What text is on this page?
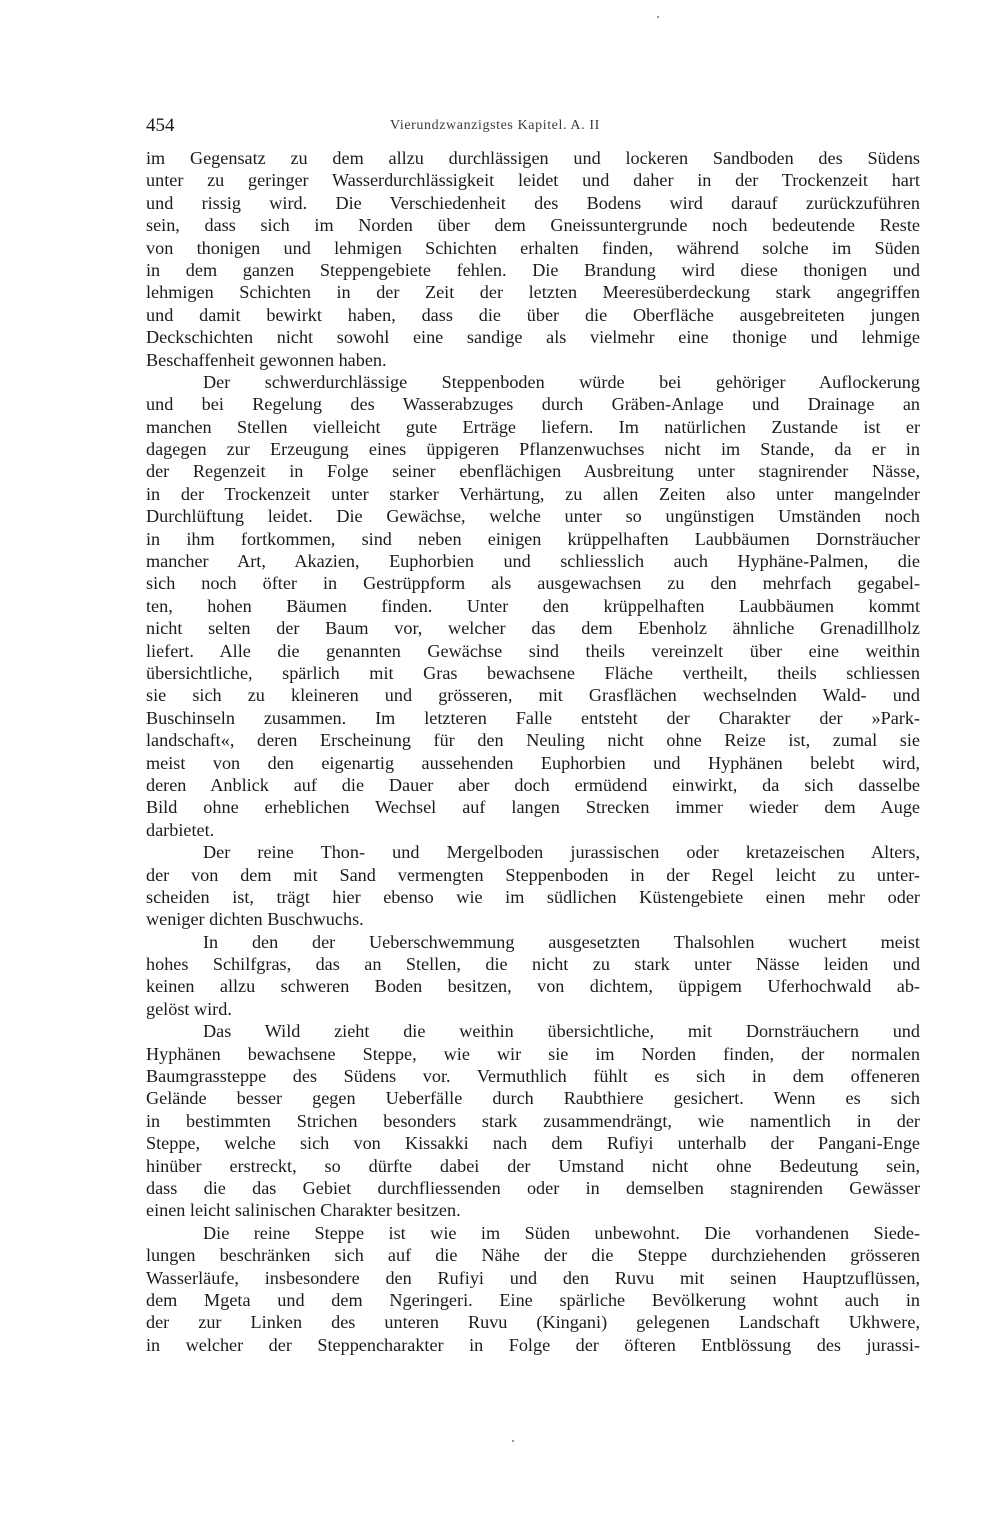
454	Vierundzwanzigstes Kapitel. A. II
im Gegensatz zu dem allzu durchlässigen und lockeren Sandboden des Südens
unter zu geringer Wasserdurchlässigkeit leidet und daher in der Trockenzeit hart
und rissig wird. Die Verschiedenheit des Bodens wird darauf zurückzuführen
sein, dass sich im Norden über dem Gneissuntergrunde noch bedeutende Reste
von thonigen und lehmigen Schichten erhalten finden, während solche im Süden
in dem ganzen Steppengebiete fehlen. Die Brandung wird diese thonigen und
lehmigen Schichten in der Zeit der letzten Meeresüberdeckung stark angegriffen
und damit bewirkt haben, dass die über die Oberfläche ausgebreiteten jungen
Deckschichten nicht sowohl eine sandige als vielmehr eine thonige und lehmige
Beschaffenheit gewonnen haben.
Der schwerdurchlässige Steppenboden würde bei gehöriger Auflockerung
und bei Regelung des Wasserabzuges durch Gräben-Anlage und Drainage an
manchen Stellen vielleicht gute Erträge liefern. Im natürlichen Zustande ist er
dagegen zur Erzeugung eines üppigeren Pflanzenwuchses nicht im Stande, da er in
der Regenzeit in Folge seiner ebenflächigen Ausbreitung unter stagnirender Nässe,
in der Trockenzeit unter starker Verhärtung, zu allen Zeiten also unter mangelnder
Durchlüftung leidet. Die Gewächse, welche unter so ungünstigen Umständen noch
in ihm fortkommen, sind neben einigen krüppelhaften Laubbäumen Dornsträucher
mancher Art, Akazien, Euphorbien und schliesslich auch Hyphäne-Palmen, die
sich noch öfter in Gestrüppform als ausgewachsen zu den mehrfach gegabel-
ten, hohen Bäumen finden. Unter den krüppelhaften Laubbäumen kommt
nicht selten der Baum vor, welcher das dem Ebenholz ähnliche Grenadillholz
liefert. Alle die genannten Gewächse sind theils vereinzelt über eine weithin
übersichtliche, spärlich mit Gras bewachsene Fläche vertheilt, theils schliessen
sie sich zu kleineren und grösseren, mit Grasflächen wechselnden Wald- und
Buschinseln zusammen. Im letzteren Falle entsteht der Charakter der »Park-
landschaft«, deren Erscheinung für den Neuling nicht ohne Reize ist, zumal sie
meist von den eigenartig aussehenden Euphorbien und Hyphänen belebt wird,
deren Anblick auf die Dauer aber doch ermüdend einwirkt, da sich dasselbe
Bild ohne erheblichen Wechsel auf langen Strecken immer wieder dem Auge
darbietet.
Der reine Thon- und Mergelboden jurassischen oder kretazeischen Alters,
der von dem mit Sand vermengten Steppenboden in der Regel leicht zu unter-
scheiden ist, trägt hier ebenso wie im südlichen Küstengebiete einen mehr oder
weniger dichten Buschwuchs.
In den der Ueberschwemmung ausgesetzten Thalsohlen wuchert meist
hohes Schilfgras, das an Stellen, die nicht zu stark unter Nässe leiden und
keinen allzu schweren Boden besitzen, von dichtem, üppigem Uferhochwald ab-
gelöst wird.
Das Wild zieht die weithin übersichtliche, mit Dornsträuchern und
Hyphänen bewachsene Steppe, wie wir sie im Norden finden, der normalen
Baumgrassteppe des Südens vor. Vermuthlich fühlt es sich in dem offeneren
Gelände besser gegen Ueberfälle durch Raubthiere gesichert. Wenn es sich
in bestimmten Strichen besonders stark zusammendrängt, wie namentlich in der
Steppe, welche sich von Kissakki nach dem Rufiyi unterhalb der Pangani-Enge
hinüber erstreckt, so dürfte dabei der Umstand nicht ohne Bedeutung sein,
dass die das Gebiet durchfliessenden oder in demselben stagnirenden Gewässer
einen leicht salinischen Charakter besitzen.
Die reine Steppe ist wie im Süden unbewohnt. Die vorhandenen Siede-
lungen beschränken sich auf die Nähe der die Steppe durchziehenden grösseren
Wasserläufe, insbesondere den Rufiyi und den Ruvu mit seinen Hauptzuflüssen,
dem Mgeta und dem Ngeringeri. Eine spärliche Bevölkerung wohnt auch in
der zur Linken des unteren Ruvu (Kingani) gelegenen Landschaft Ukhwere,
in welcher der Steppencharakter in Folge der öfteren Entblössung des jurassi-
